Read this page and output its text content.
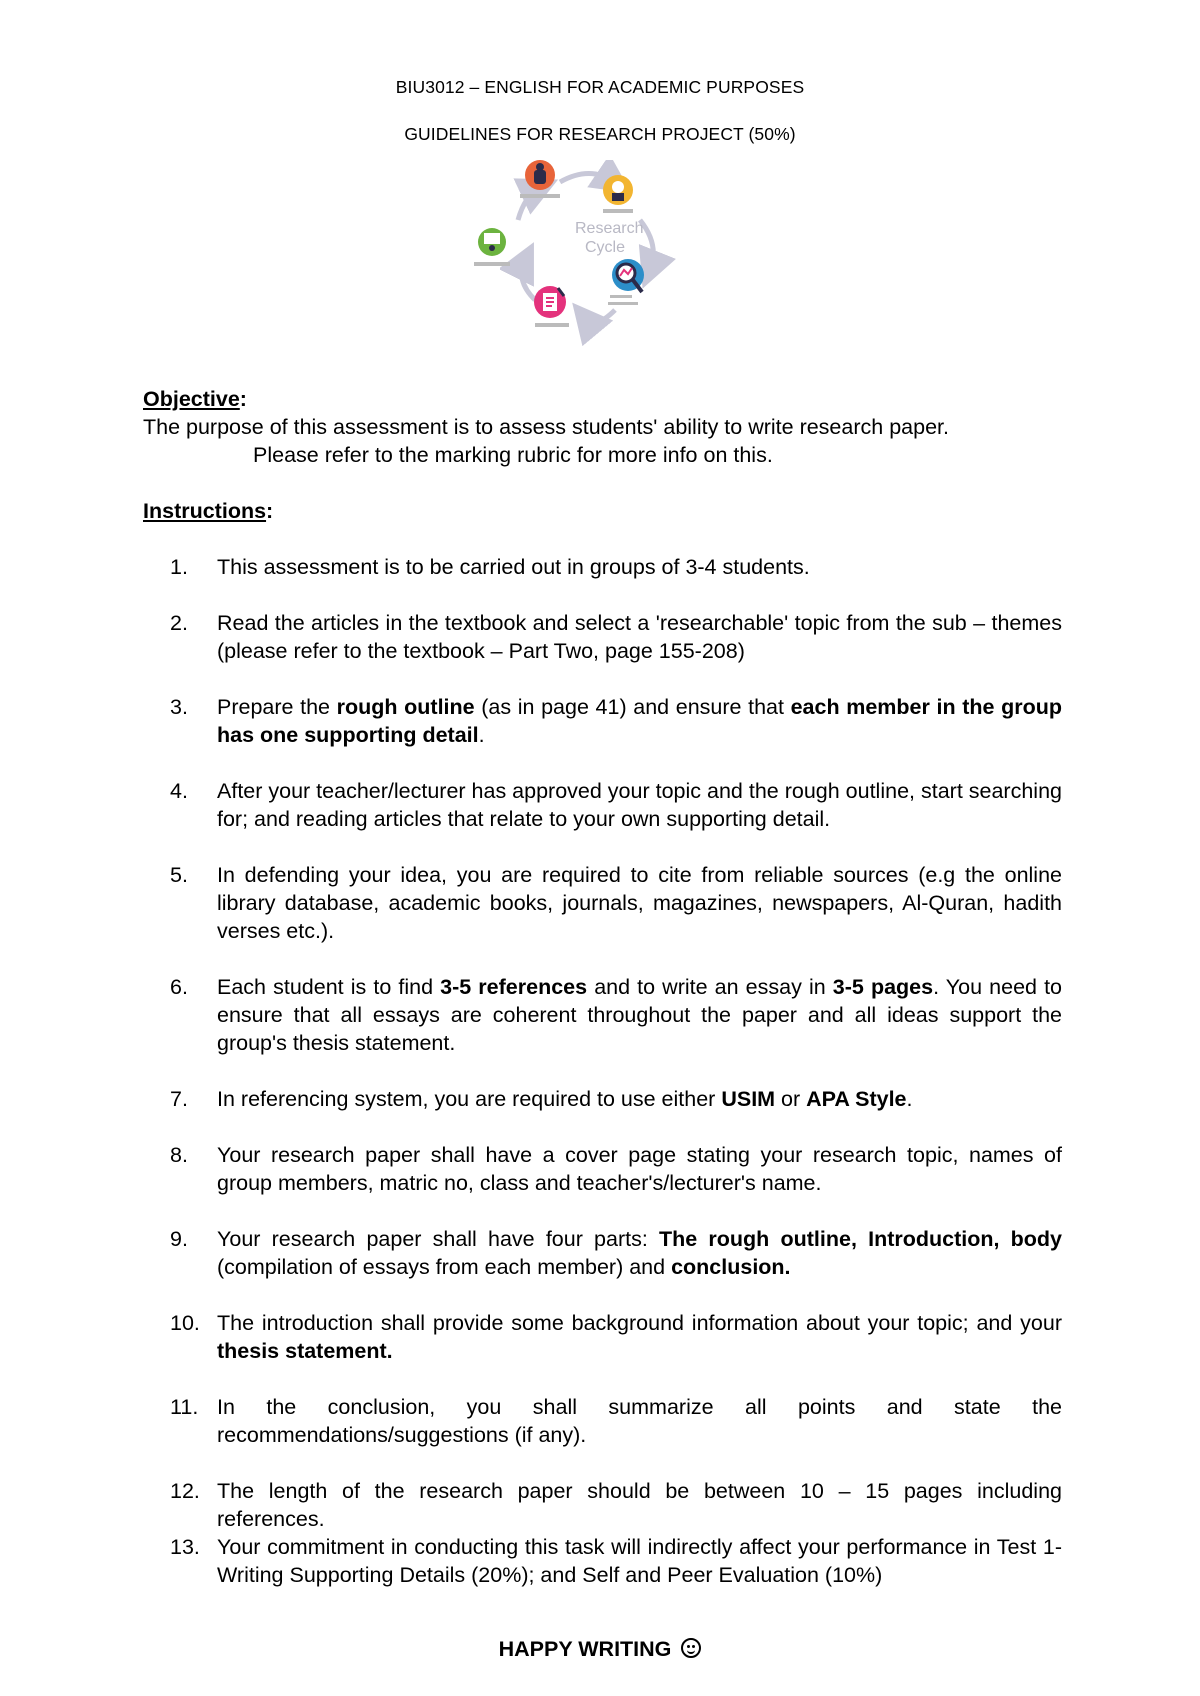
BIU3012 – ENGLISH FOR ACADEMIC PURPOSES
GUIDELINES FOR RESEARCH PROJECT (50%)
Research
Cycle
Objective:
The purpose of this assessment is to assess students' ability to write research paper.
Please refer to the marking rubric for more info on this.
Instructions:
1.	This assessment is to be carried out in groups of 3-4 students.
2.	Read the articles in the textbook and select a 'researchable' topic from the sub – themes (please refer to the textbook – Part Two, page 155-208)
3.	Prepare the rough outline (as in page 41) and ensure that each member in the group has one supporting detail.
4.	After your teacher/lecturer has approved your topic and the rough outline, start searching for; and reading articles that relate to your own supporting detail.
5.	In defending your idea, you are required to cite from reliable sources (e.g the online library database, academic books, journals, magazines, newspapers, Al-Quran, hadith verses etc.).
6.	Each student is to find 3-5 references and to write an essay in 3-5 pages. You need to ensure that all essays are coherent throughout the paper and all ideas support the group's thesis statement.
7.	In referencing system, you are required to use either USIM or APA Style.
8.	Your research paper shall have a cover page stating your research topic, names of group members, matric no, class and teacher's/lecturer's name.
9.	Your research paper shall have four parts: The rough outline, Introduction, body (compilation of essays from each member) and conclusion.
10. The introduction shall provide some background information about your topic; and your thesis statement.
11. In the conclusion, you shall summarize all points and state the recommendations/suggestions (if any).
12. The length of the research paper should be between 10 – 15 pages including references.
13. Your commitment in conducting this task will indirectly affect your performance in Test 1-Writing Supporting Details (20%); and Self and Peer Evaluation (10%)
HAPPY WRITING
